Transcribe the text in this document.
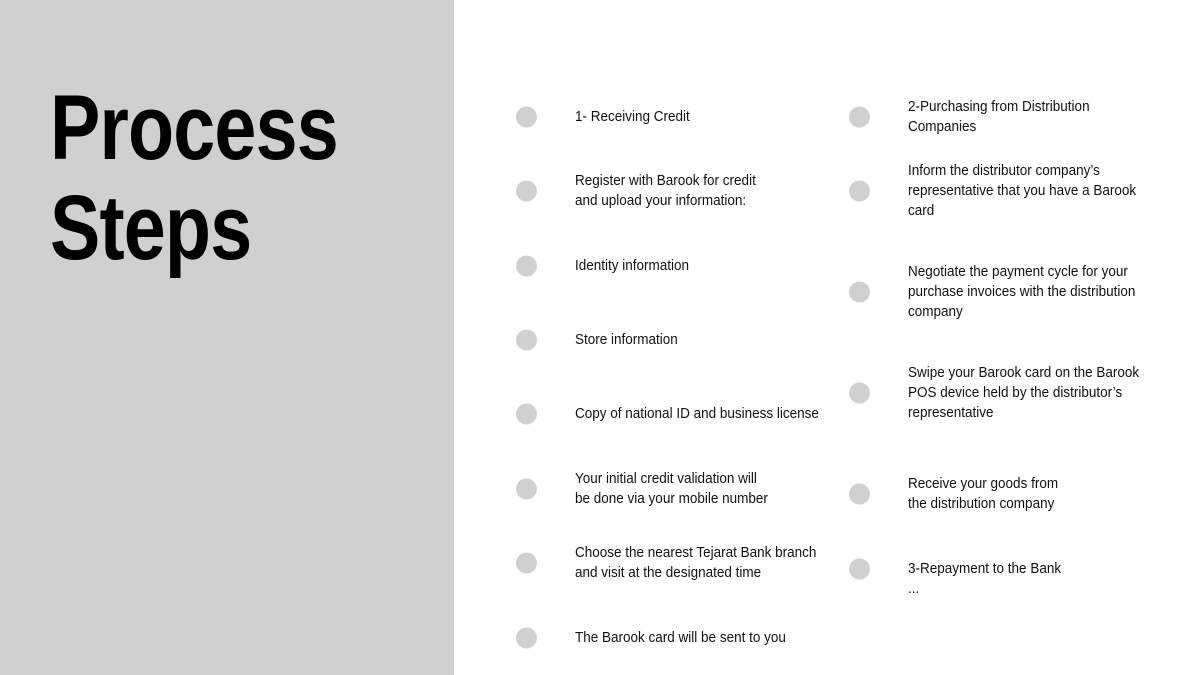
Process
Steps
1- Receiving Credit
Register with Barook for credit
and upload your information:
Identity information
Store information
Copy of national ID and business license
Your initial credit validation will
be done via your mobile number
Choose the nearest Tejarat Bank branch
and visit at the designated time
The Barook card will be sent to you
2-Purchasing from Distribution
Companies
Inform the distributor company’s
representative that you have a Barook
card
Negotiate the payment cycle for your
purchase invoices with the distribution
company
Swipe your Barook card on the Barook
POS device held by the distributor’s
representative
Receive your goods from
the distribution company
3-Repayment to the Bank
...
